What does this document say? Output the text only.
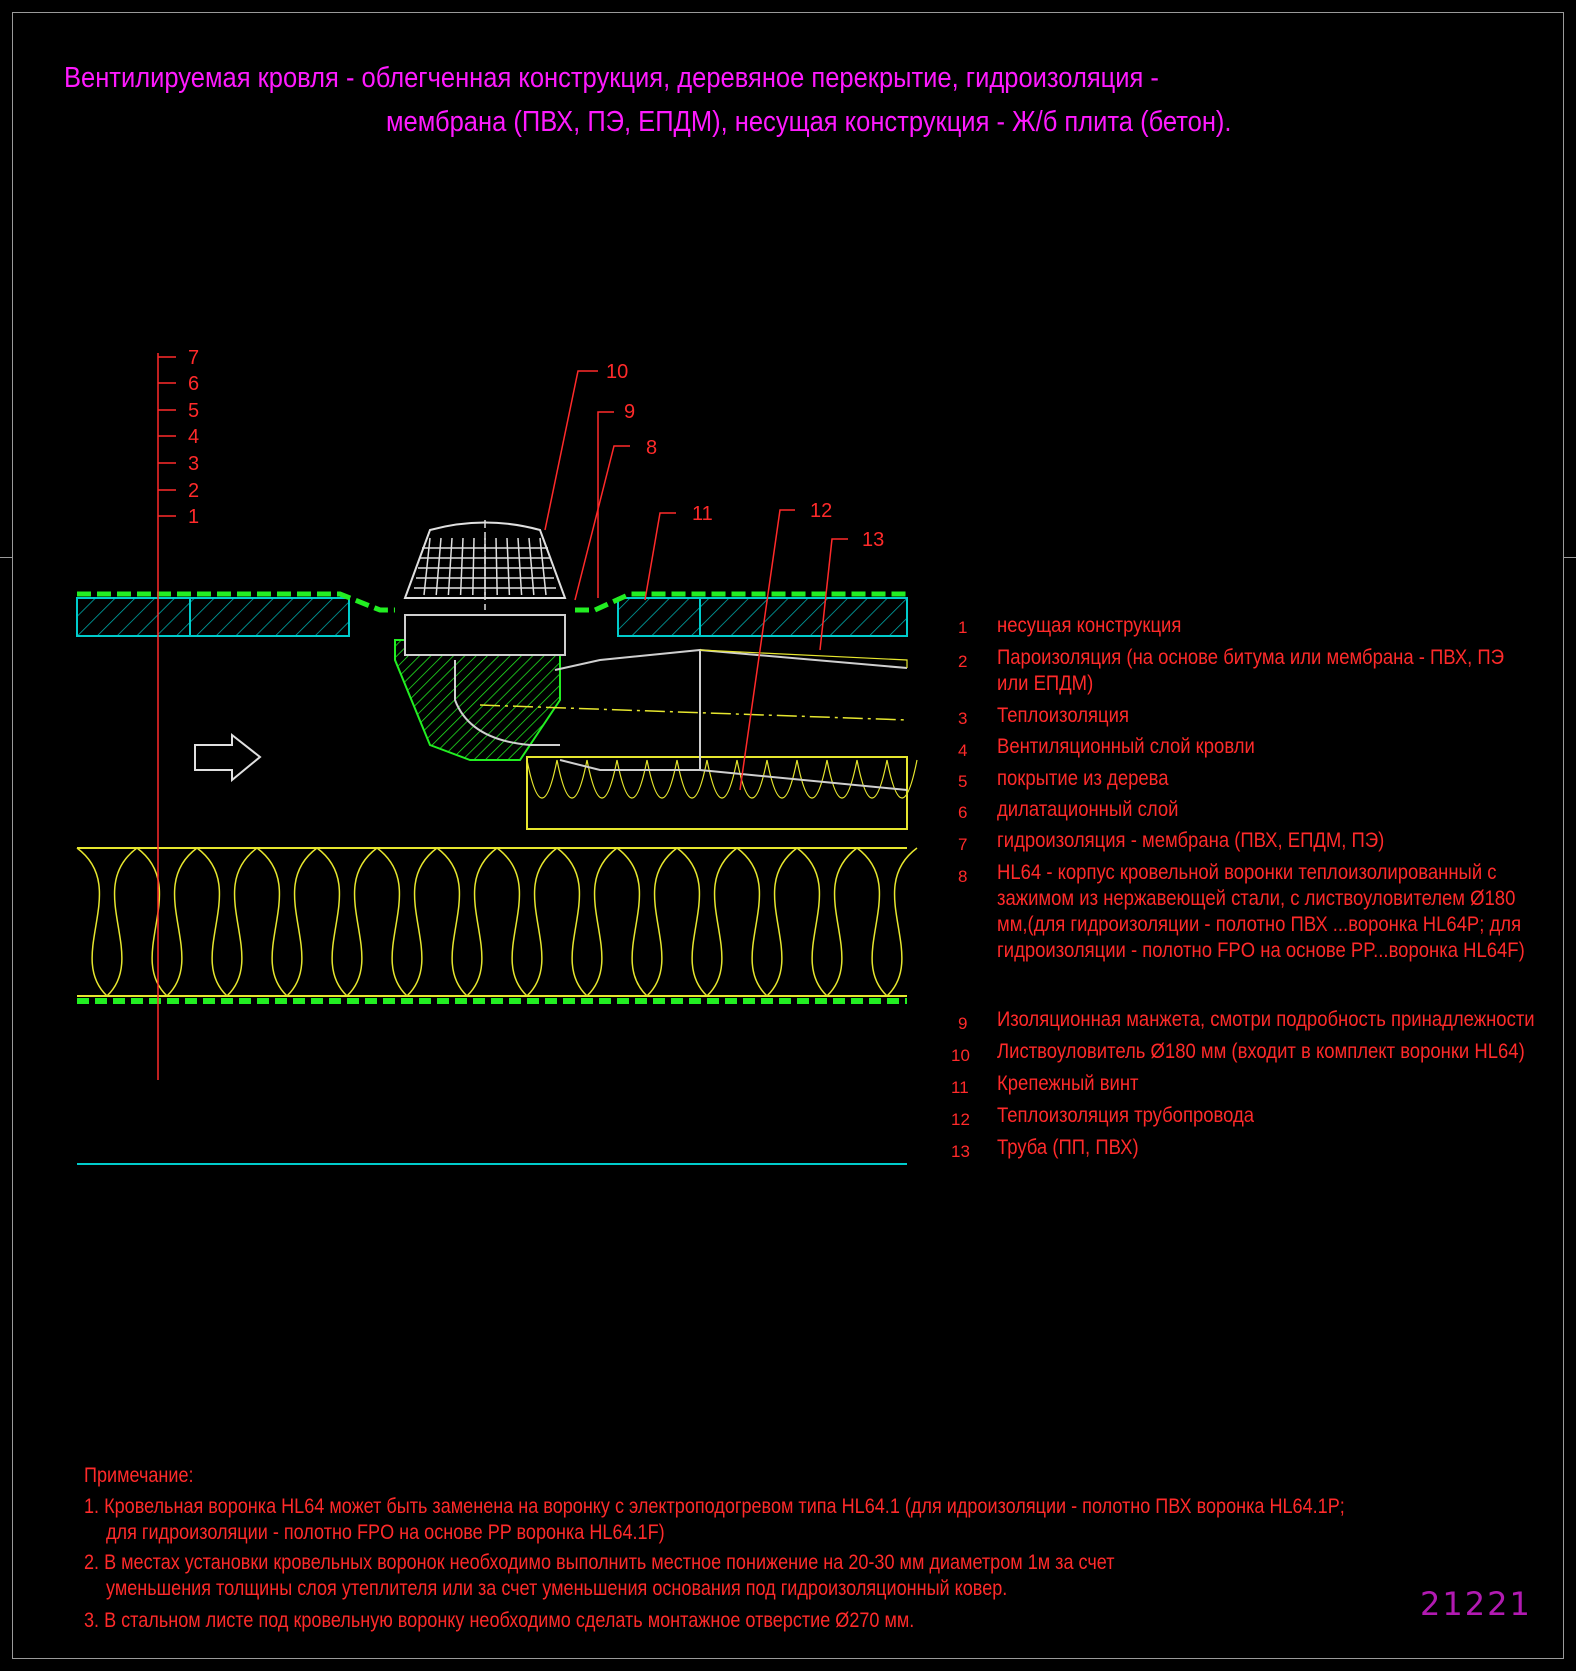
Вентилируемая кровля - облегченная конструкция, деревяное перекрытие, гидроизоляция -
мембрана (ПВХ, ПЭ, ЕПДМ), несущая конструкция - Ж/б плита (бетон).
10
9
8
11	12
13
7
6
5
4
3
2
1
1 несущая конструкция
2 Пароизоляция (на основе битума или мембрана - ПВХ, ПЭ или ЕПДМ)
3 Теплоизоляция
4 Вентиляционный слой кровли
5 покрытие из дерева
6 дилатационный слой
7 гидроизоляция - мембрана (ПВХ, ЕПДМ, ПЭ)
8 HL64 - корпус кровельной воронки теплоизолированный с зажимом из нержавеющей стали, с листвоуловителем Ø180 мм,(для гидроизоляции - полотно ПВХ ...воронка HL64P; для гидроизоляции - полотно FPO на основе PP...воронка HL64F)
9 Изоляционная манжета, смотри подробность принадлежности
10 Листвоуловитель Ø180 мм (входит в комплект воронки HL64)
11 Крепежный винт
12 Теплоизоляция трубопровода
13 Труба (ПП, ПВХ)
Примечание:
1. Кровельная воронка HL64 может быть заменена на воронку с электроподогревом типа HL64.1 (для идроизоляции - полотно ПВХ воронка HL64.1P;
для гидроизоляции - полотно FPO на основе PP воронка HL64.1F)
2. В местах установки кровельных воронок необходимо выполнить местное понижение на 20-30 мм диаметром 1м за счет
уменьшения толщины слоя утеплителя или за счет уменьшения основания под гидроизоляционный ковер.
3. В стальном листе под кровельную воронку необходимо сделать монтажное отверстие Ø270 мм.	21221
